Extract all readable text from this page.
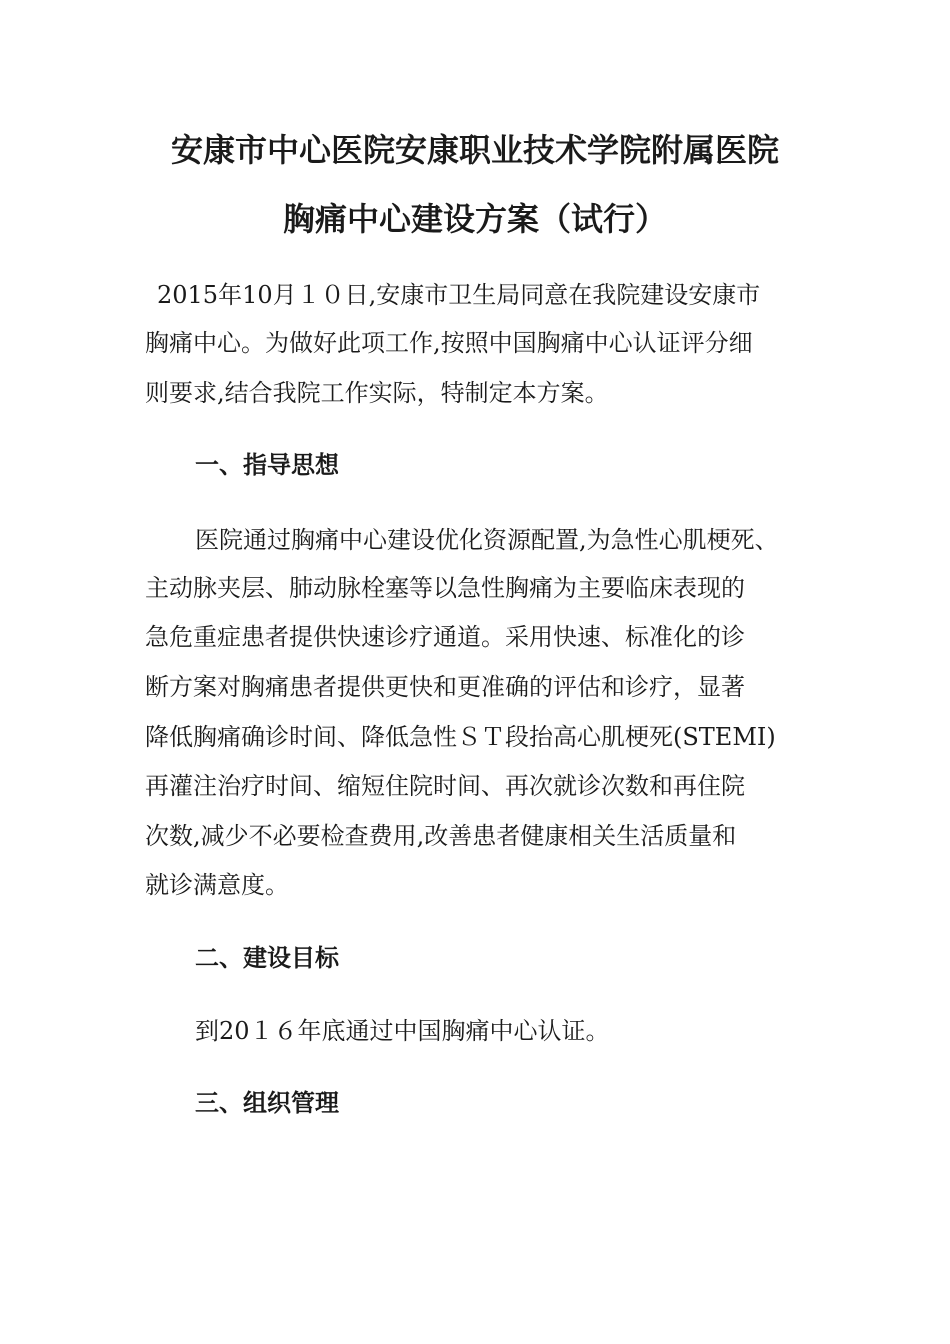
安康市中心医院安康职业技术学院附属医院
胸痛中心建设方案（试行）
2015年10月１０日,安康市卫生局同意在我院建设安康市
胸痛中心。为做好此项工作,按照中国胸痛中心认证评分细
则要求,结合我院工作实际，特制定本方案。
一、指导思想
医院通过胸痛中心建设优化资源配置,为急性心肌梗死、
主动脉夹层、肺动脉栓塞等以急性胸痛为主要临床表现的
急危重症患者提供快速诊疗通道。采用快速、标准化的诊
断方案对胸痛患者提供更快和更准确的评估和诊疗，显著
降低胸痛确诊时间、降低急性ＳＴ段抬高心肌梗死(STEMI)
再灌注治疗时间、缩短住院时间、再次就诊次数和再住院
次数,减少不必要检查费用,改善患者健康相关生活质量和
就诊满意度。
二、建设目标
到20１６年底通过中国胸痛中心认证。
三、组织管理
